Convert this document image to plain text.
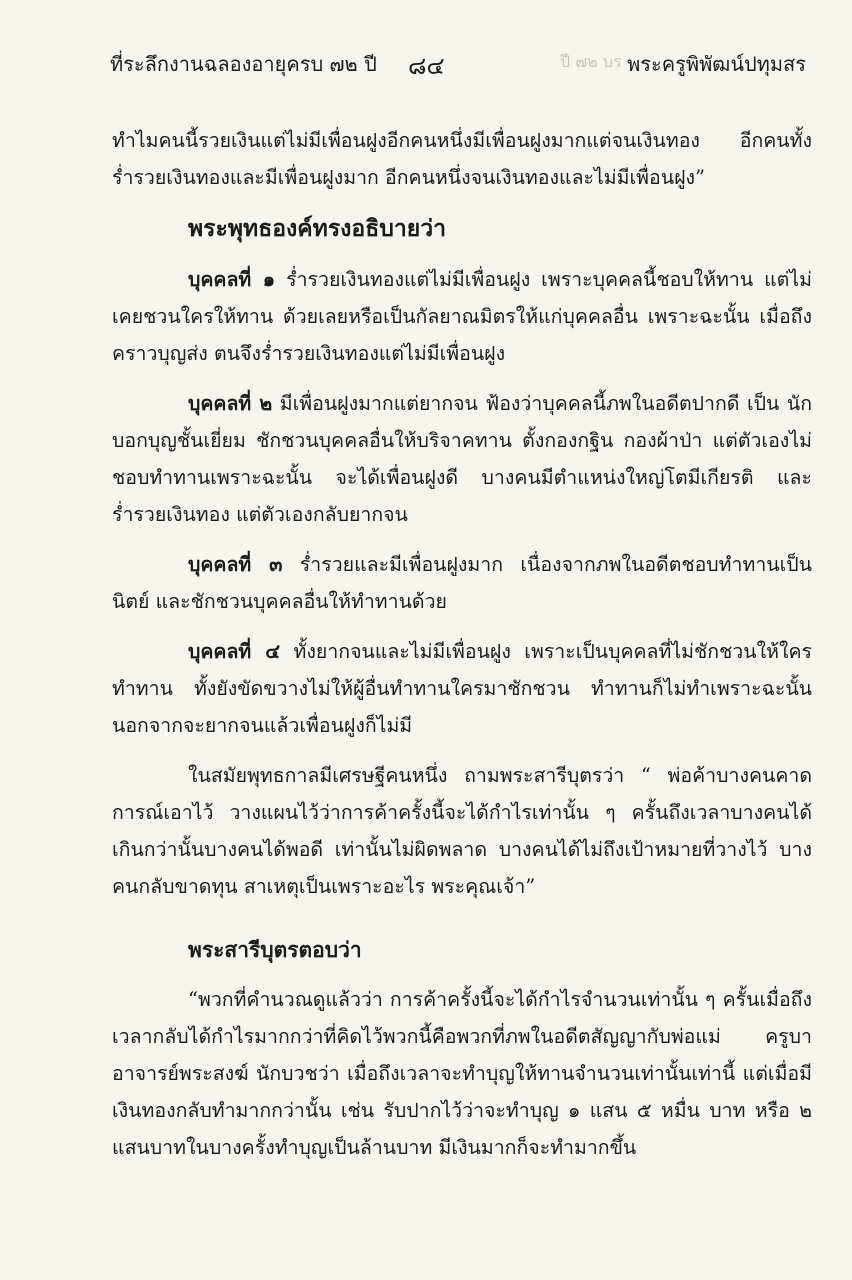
ปี ๗๒ บร
ที่ระลึกงานฉลองอายุครบ ๗๒ ปี ๘๔	พระครูพิพัฒน์ปทุมสร

ทำไมคนนี้รวยเงินแต่ไม่มีเพื่อนฝูงอีกคนหนึ่งมีเพื่อนฝูงมากแต่จนเงินทอง อีกคนทั้งร่ำรวยเงินทองและมีเพื่อนฝูงมาก อีกคนหนึ่งจนเงินทองและไม่มีเพื่อนฝูง”

พระพุทธองค์ทรงอธิบายว่า

บุคคลที่ ๑ ร่ำรวยเงินทองแต่ไม่มีเพื่อนฝูง เพราะบุคคลนี้ชอบให้ทาน แต่ไม่ เคยชวนใครให้ทาน ด้วยเลยหรือเป็นกัลยาณมิตรให้แก่บุคคลอื่น เพราะฉะนั้น เมื่อถึงคราวบุญส่ง ตนจึงร่ำรวยเงินทองแต่ไม่มีเพื่อนฝูง

บุคคลที่ ๒ มีเพื่อนฝูงมากแต่ยากจน ฟ้องว่าบุคคลนี้ภพในอดีตปากดี เป็น นักบอกบุญชั้นเยี่ยม ชักชวนบุคคลอื่นให้บริจาคทาน ตั้งกองกฐิน กองผ้าป่า แต่ตัวเองไม่ชอบทำทานเพราะฉะนั้น จะได้เพื่อนฝูงดี บางคนมีตำแหน่งใหญ่โตมีเกียรติ และร่ำรวยเงินทอง แต่ตัวเองกลับยากจน

บุคคลที่ ๓ ร่ำรวยและมีเพื่อนฝูงมาก เนื่องจากภพในอดีตชอบทำทานเป็นนิตย์ และชักชวนบุคคลอื่นให้ทำทานด้วย

บุคคลที่ ๔ ทั้งยากจนและไม่มีเพื่อนฝูง เพราะเป็นบุคคลที่ไม่ชักชวนให้ใครทำทาน ทั้งยังขัดขวางไม่ให้ผู้อื่นทำทานใครมาชักชวน ทำทานก็ไม่ทำเพราะฉะนั้นนอกจากจะยากจนแล้วเพื่อนฝูงก็ไม่มี

ในสมัยพุทธกาลมีเศรษฐีคนหนึ่ง ถามพระสารีบุตรว่า “ พ่อค้าบางคนคาดการณ์เอาไว้ วางแผนไว้ว่าการค้าครั้งนี้จะได้กำไรเท่านั้น ๆ ครั้นถึงเวลาบางคนได้เกินกว่านั้นบางคนได้พอดี เท่านั้นไม่ผิดพลาด บางคนได้ไม่ถึงเป้าหมายที่วางไว้ บางคนกลับขาดทุน สาเหตุเป็นเพราะอะไร พระคุณเจ้า”

พระสารีบุตรตอบว่า

“พวกที่คำนวณดูแล้วว่า การค้าครั้งนี้จะได้กำไรจำนวนเท่านั้น ๆ ครั้นเมื่อถึงเวลากลับได้กำไรมากกว่าที่คิดไว้พวกนี้คือพวกที่ภพในอดีตสัญญากับพ่อแม่ ครูบาอาจารย์พระสงฆ์ นักบวชว่า เมื่อถึงเวลาจะทำบุญให้ทานจำนวนเท่านั้นเท่านี้ แต่เมื่อมีเงินทองกลับทำมากกว่านั้น เช่น รับปากไว้ว่าจะทำบุญ ๑ แสน ๕ หมื่น บาท หรือ ๒ แสนบาทในบางครั้งทำบุญเป็นล้านบาท มีเงินมากก็จะทำมากขึ้น
